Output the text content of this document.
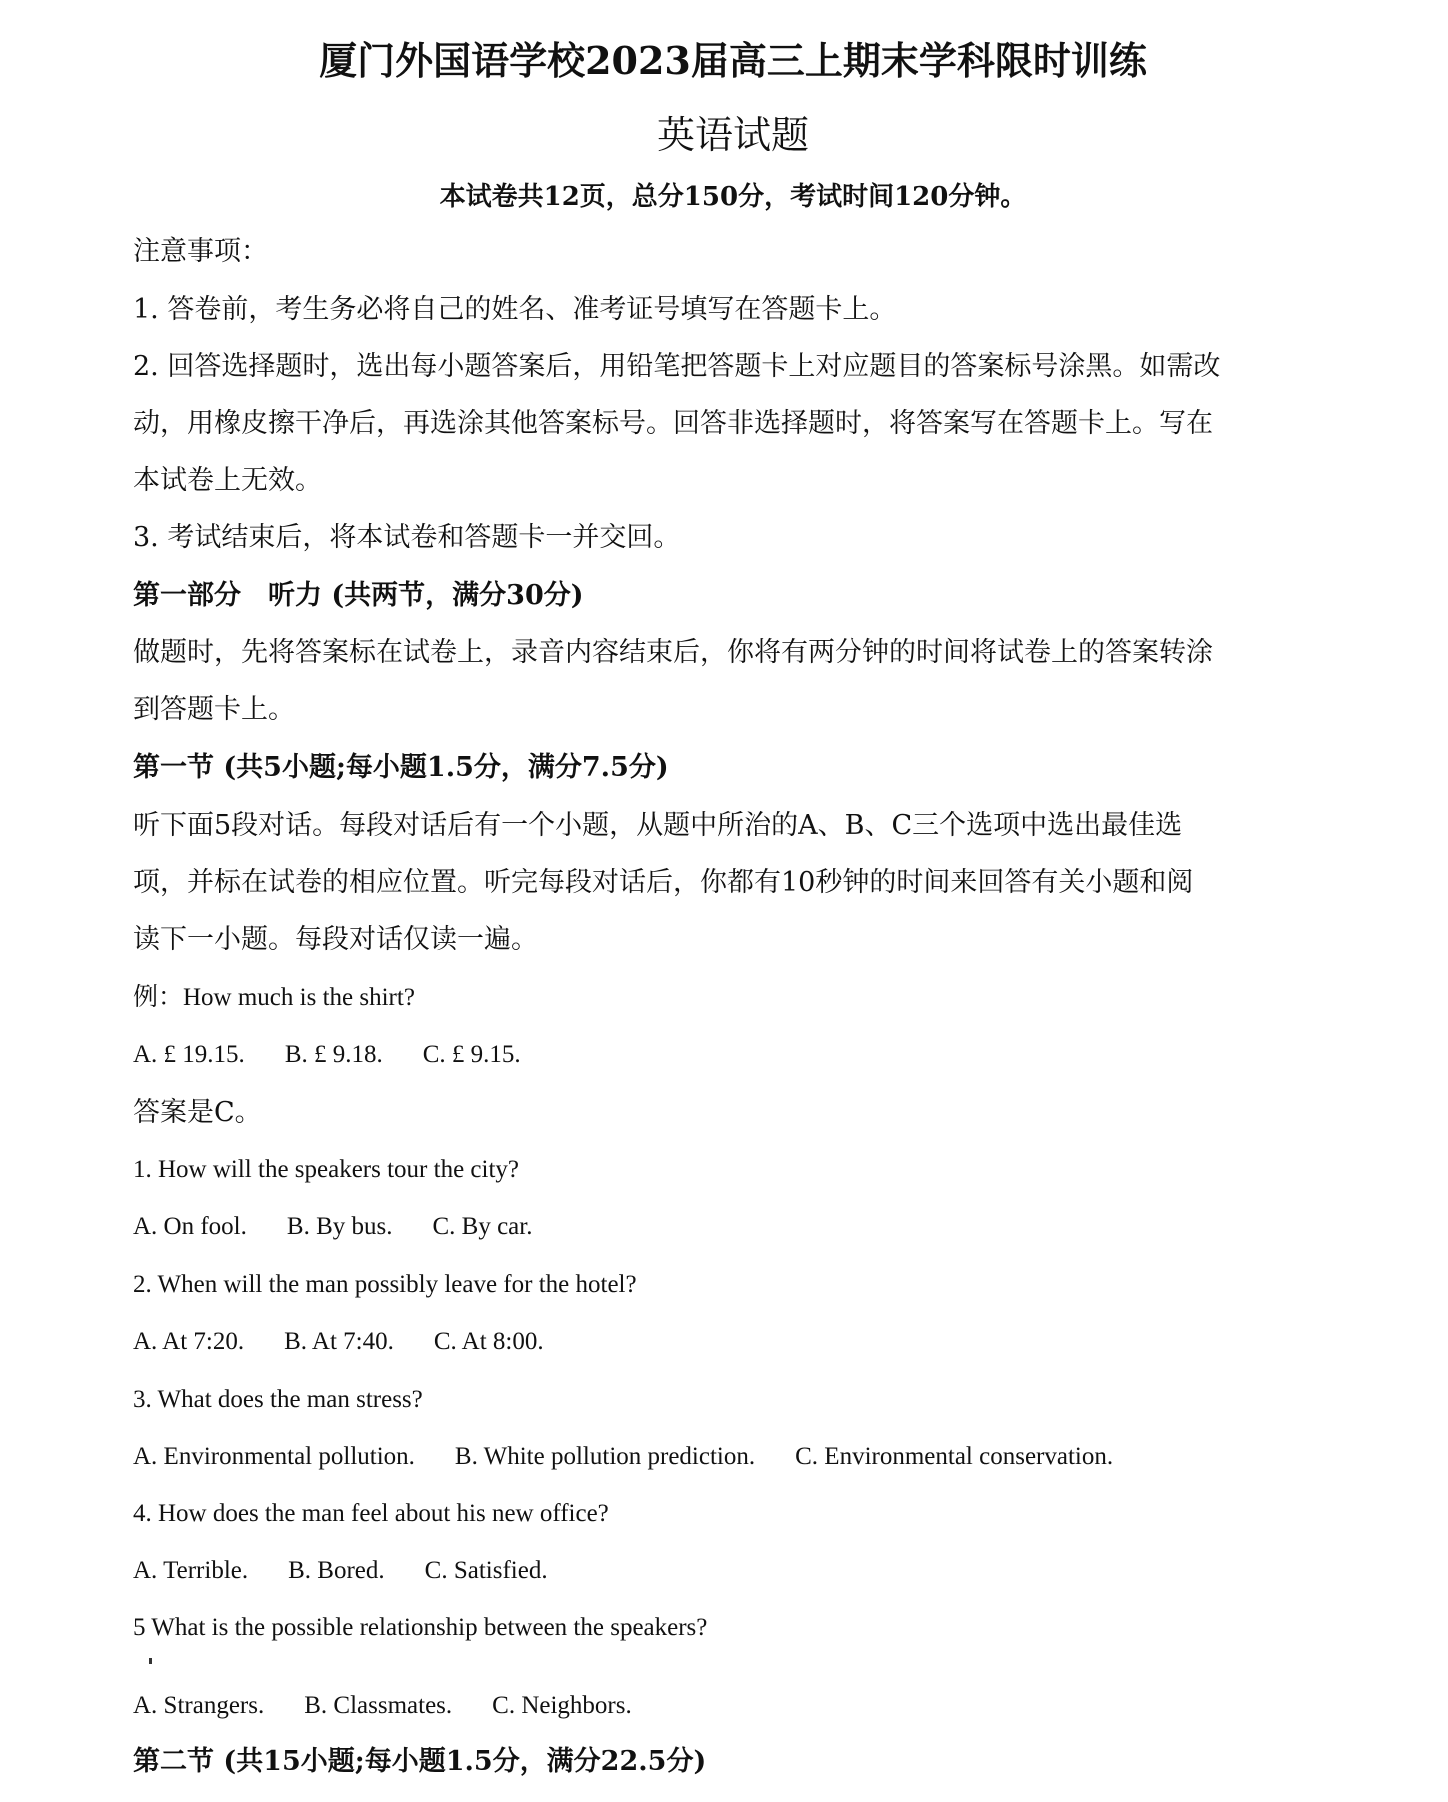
厦门外国语学校2023届高三上期末学科限时训练
英语试题
本试卷共12页，总分150分，考试时间120分钟。
注意事项：
1. 答卷前，考生务必将自己的姓名、准考证号填写在答题卡上。
2. 回答选择题时，选出每小题答案后，用铅笔把答题卡上对应题目的答案标号涂黑。如需改
动，用橡皮擦干净后，再选涂其他答案标号。回答非选择题时，将答案写在答题卡上。写在
本试卷上无效。
3. 考试结束后，将本试卷和答题卡一并交回。
第一部分　听力 (共两节，满分30分)
做题时，先将答案标在试卷上，录音内容结束后，你将有两分钟的时间将试卷上的答案转涂
到答题卡上。
第一节 (共5小题;每小题1.5分，满分7.5分)
听下面5段对话。每段对话后有一个小题，从题中所治的A、B、C三个选项中选出最佳选
项，并标在试卷的相应位置。听完每段对话后，你都有10秒钟的时间来回答有关小题和阅
读下一小题。每段对话仅读一遍。
例：How much is the shirt?
A. £ 19.15. B. £ 9.18. C. £ 9.15.
答案是C。
1. How will the speakers tour the city?
A. On fool. B. By bus. C. By car.
2. When will the man possibly leave for the hotel?
A. At 7:20. B. At 7:40. C. At 8:00.
3. What does the man stress?
A. Environmental pollution. B. White pollution prediction. C. Environmental conservation.
4. How does the man feel about his new office?
A. Terrible. B. Bored. C. Satisfied.
5 What is the possible relationship between the speakers?
A. Strangers. B. Classmates. C. Neighbors.
第二节 (共15小题;每小题1.5分，满分22.5分)
